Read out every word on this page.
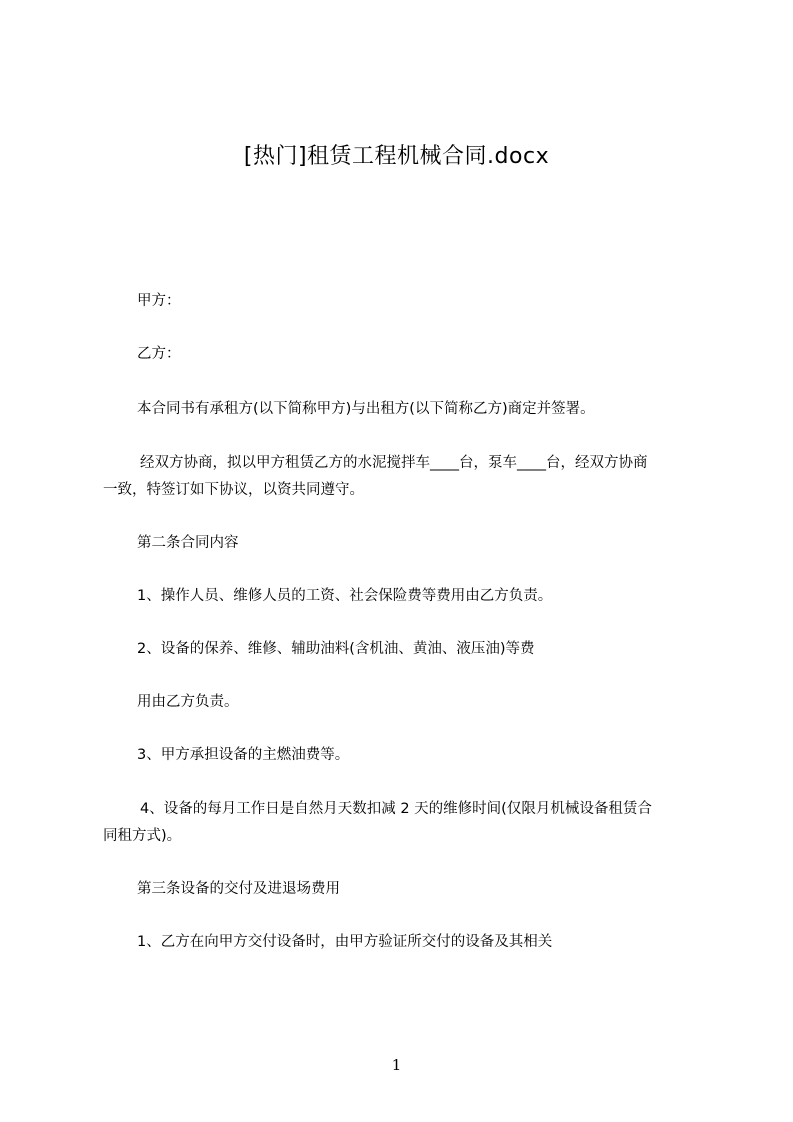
[热门]租赁工程机械合同.docx
甲方：
乙方：
本合同书有承租方(以下简称甲方)与出租方(以下简称乙方)商定并签署。
经双方协商，拟以甲方租赁乙方的水泥搅拌车____台，泵车____台，经双方协商
一致，特签订如下协议，以资共同遵守。
第二条合同内容
1、操作人员、维修人员的工资、社会保险费等费用由乙方负责。
2、设备的保养、维修、辅助油料(含机油、黄油、液压油)等费
用由乙方负责。
3、甲方承担设备的主燃油费等。
4、设备的每月工作日是自然月天数扣减 2 天的维修时间(仅限月机械设备租赁合
同租方式)。
第三条设备的交付及进退场费用
1、乙方在向甲方交付设备时，由甲方验证所交付的设备及其相关
1
